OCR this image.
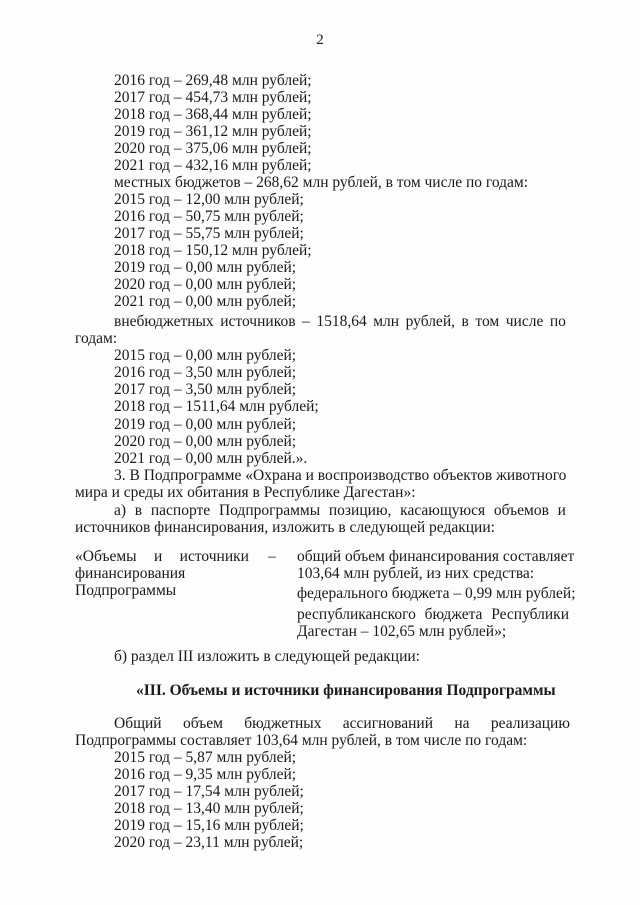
2
2016 год – 269,48 млн рублей;
2017 год – 454,73 млн рублей;
2018 год – 368,44 млн рублей;
2019 год – 361,12 млн рублей;
2020 год – 375,06 млн рублей;
2021 год – 432,16 млн рублей;
местных бюджетов – 268,62 млн рублей, в том числе по годам:
2015 год – 12,00 млн рублей;
2016 год – 50,75 млн рублей;
2017 год – 55,75 млн рублей;
2018 год – 150,12 млн рублей;
2019 год – 0,00 млн рублей;
2020 год – 0,00 млн рублей;
2021 год – 0,00 млн рублей;
внебюджетных источников – 1518,64 млн рублей, в том числе по
годам:
2015 год – 0,00 млн рублей;
2016 год – 3,50 млн рублей;
2017 год – 3,50 млн рублей;
2018 год – 1511,64 млн рублей;
2019 год – 0,00 млн рублей;
2020 год – 0,00 млн рублей;
2021 год – 0,00 млн рублей.».
3. В Подпрограмме «Охрана и воспроизводство объектов животного
мира и среды их обитания в Республике Дагестан»:
а) в паспорте Подпрограммы позицию, касающуюся объемов и
источников финансирования, изложить в следующей редакции:
«Объемы и источники
финансирования
Подпрограммы
– общий объем финансирования составляет
103,64 млн рублей, из них средства:
федерального бюджета – 0,99 млн рублей;
республиканского бюджета Республики
Дагестан – 102,65 млн рублей»;
б) раздел III изложить в следующей редакции:
«III. Объемы и источники финансирования Подпрограммы
Общий объем бюджетных ассигнований на реализацию
Подпрограммы составляет 103,64 млн рублей, в том числе по годам:
2015 год – 5,87 млн рублей;
2016 год – 9,35 млн рублей;
2017 год – 17,54 млн рублей;
2018 год – 13,40 млн рублей;
2019 год – 15,16 млн рублей;
2020 год – 23,11 млн рублей;
